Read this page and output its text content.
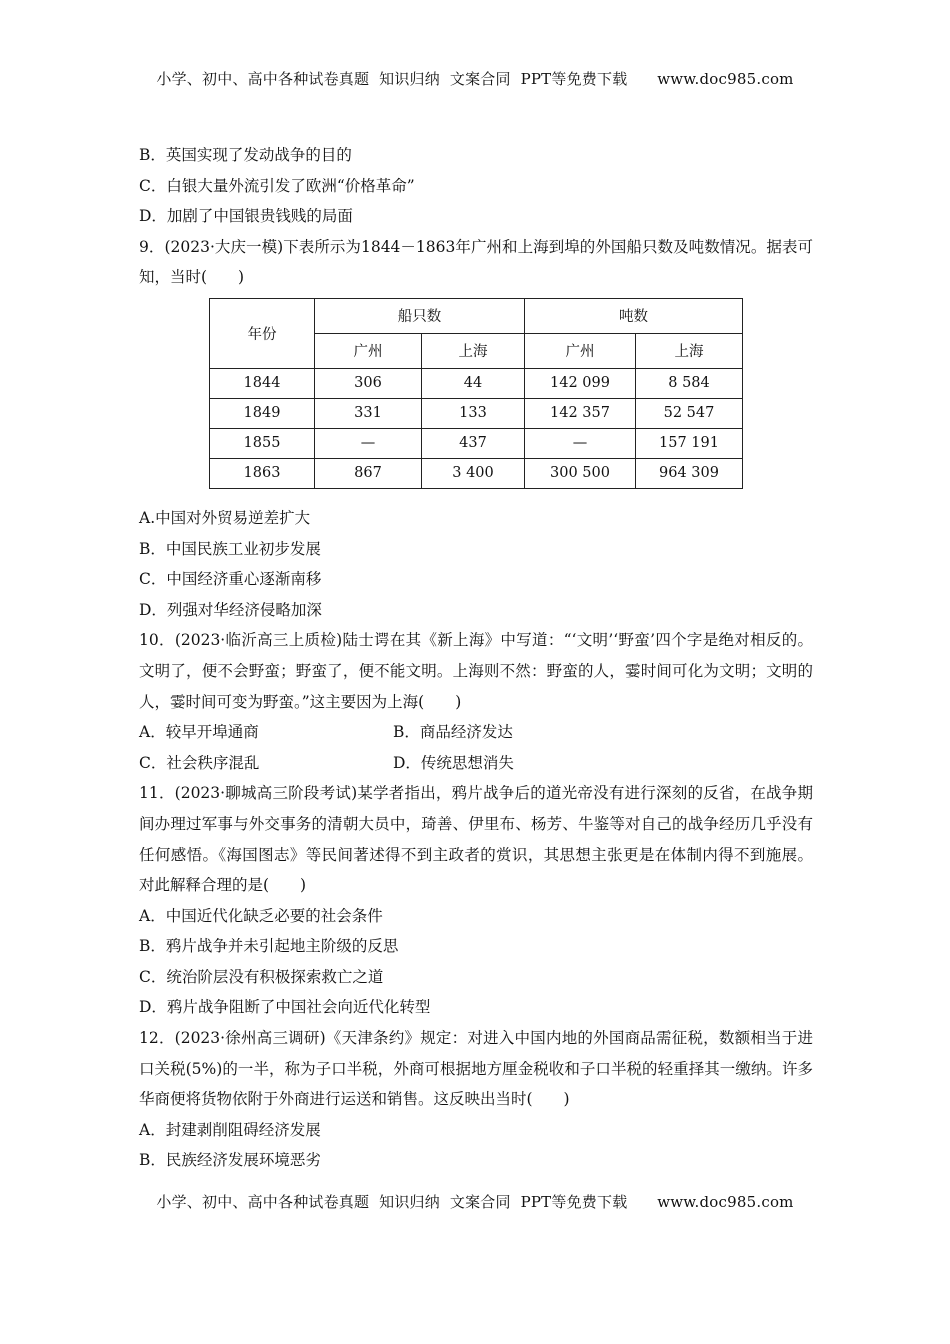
小学、初中、高中各种试卷真题  知识归纳  文案合同  PPT等免费下载      www.doc985.com
B．英国实现了发动战争的目的
C．白银大量外流引发了欧洲“价格革命”
D．加剧了中国银贵钱贱的局面
9．(2023·大庆一模)下表所示为1844－1863年广州和上海到埠的外国船只数及吨数情况。据表可知，当时(　　)
年份	船只数		吨数	
	广州	上海	广州	上海
1844	306	44	142 099	8 584
1849	331	133	142 357	52 547
1855	—	437	—	157 191
1863	867	3 400	300 500	964 309
A.中国对外贸易逆差扩大
B．中国民族工业初步发展
C．中国经济重心逐渐南移
D．列强对华经济侵略加深
10．(2023·临沂高三上质检)陆士谔在其《新上海》中写道：“‘文明’‘野蛮’四个字是绝对相反的。文明了，便不会野蛮；野蛮了，便不能文明。上海则不然：野蛮的人，霎时间可化为文明；文明的人，霎时间可变为野蛮。”这主要因为上海(　　)
A．较早开埠通商	B．商品经济发达
C．社会秩序混乱	D．传统思想消失
11．(2023·聊城高三阶段考试)某学者指出，鸦片战争后的道光帝没有进行深刻的反省，在战争期间办理过军事与外交事务的清朝大员中，琦善、伊里布、杨芳、牛鉴等对自己的战争经历几乎没有任何感悟。《海国图志》等民间著述得不到主政者的赏识，其思想主张更是在体制内得不到施展。对此解释合理的是(　　)
A．中国近代化缺乏必要的社会条件
B．鸦片战争并未引起地主阶级的反思
C．统治阶层没有积极探索救亡之道
D．鸦片战争阻断了中国社会向近代化转型
12．(2023·徐州高三调研)《天津条约》规定：对进入中国内地的外国商品需征税，数额相当于进口关税(5%)的一半，称为子口半税，外商可根据地方厘金税收和子口半税的轻重择其一缴纳。许多华商便将货物依附于外商进行运送和销售。这反映出当时(　　)
A．封建剥削阻碍经济发展
B．民族经济发展环境恶劣
小学、初中、高中各种试卷真题  知识归纳  文案合同  PPT等免费下载      www.doc985.com
